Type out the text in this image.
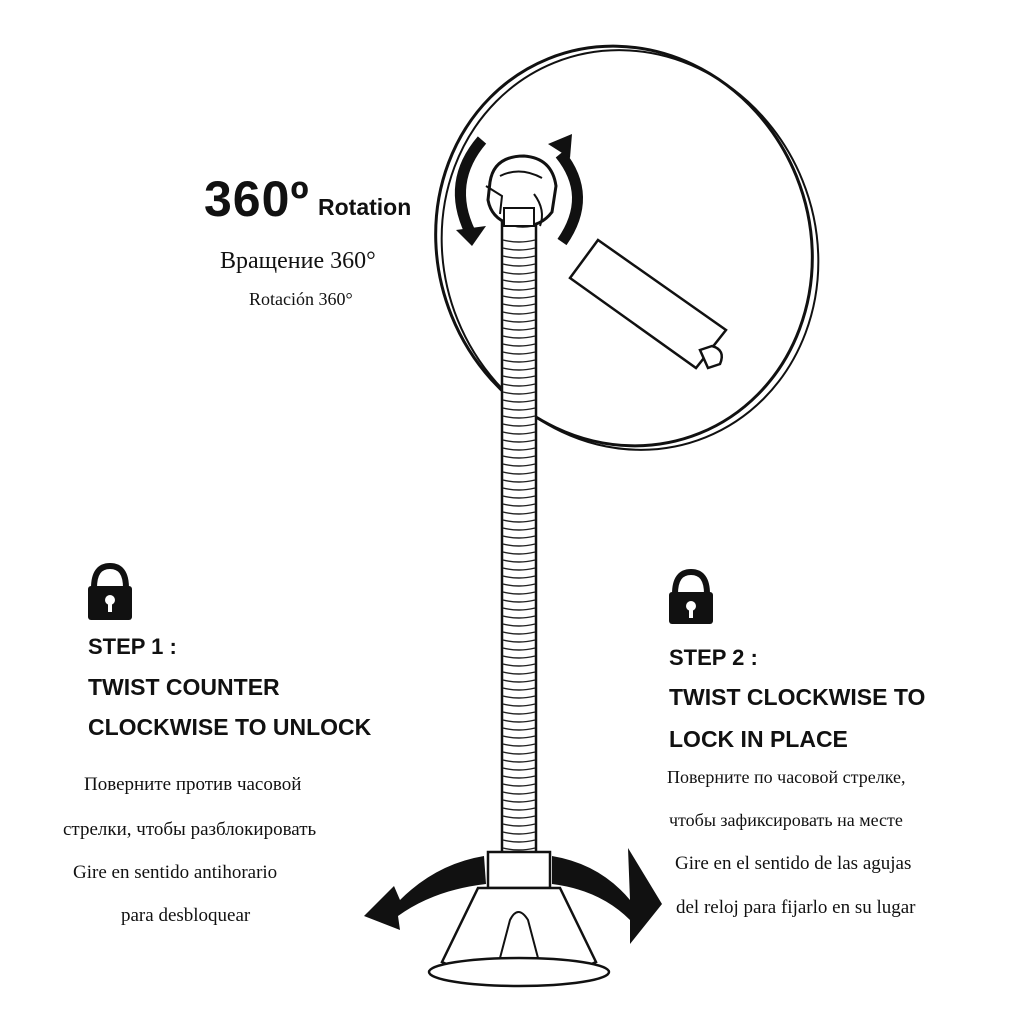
360º Rotation
Вращение 360°
Rotación 360°
STEP 1 :
TWIST COUNTER
CLOCKWISE TO UNLOCK
Поверните против часовой
стрелки, чтобы разблокировать
Gire en sentido antihorario
para desbloquear
STEP 2 :
TWIST CLOCKWISE TO
LOCK IN PLACE
Поверните по часовой стрелке,
чтобы зафиксировать на месте
Gire en el sentido de las agujas
del reloj para fijarlo en su lugar
